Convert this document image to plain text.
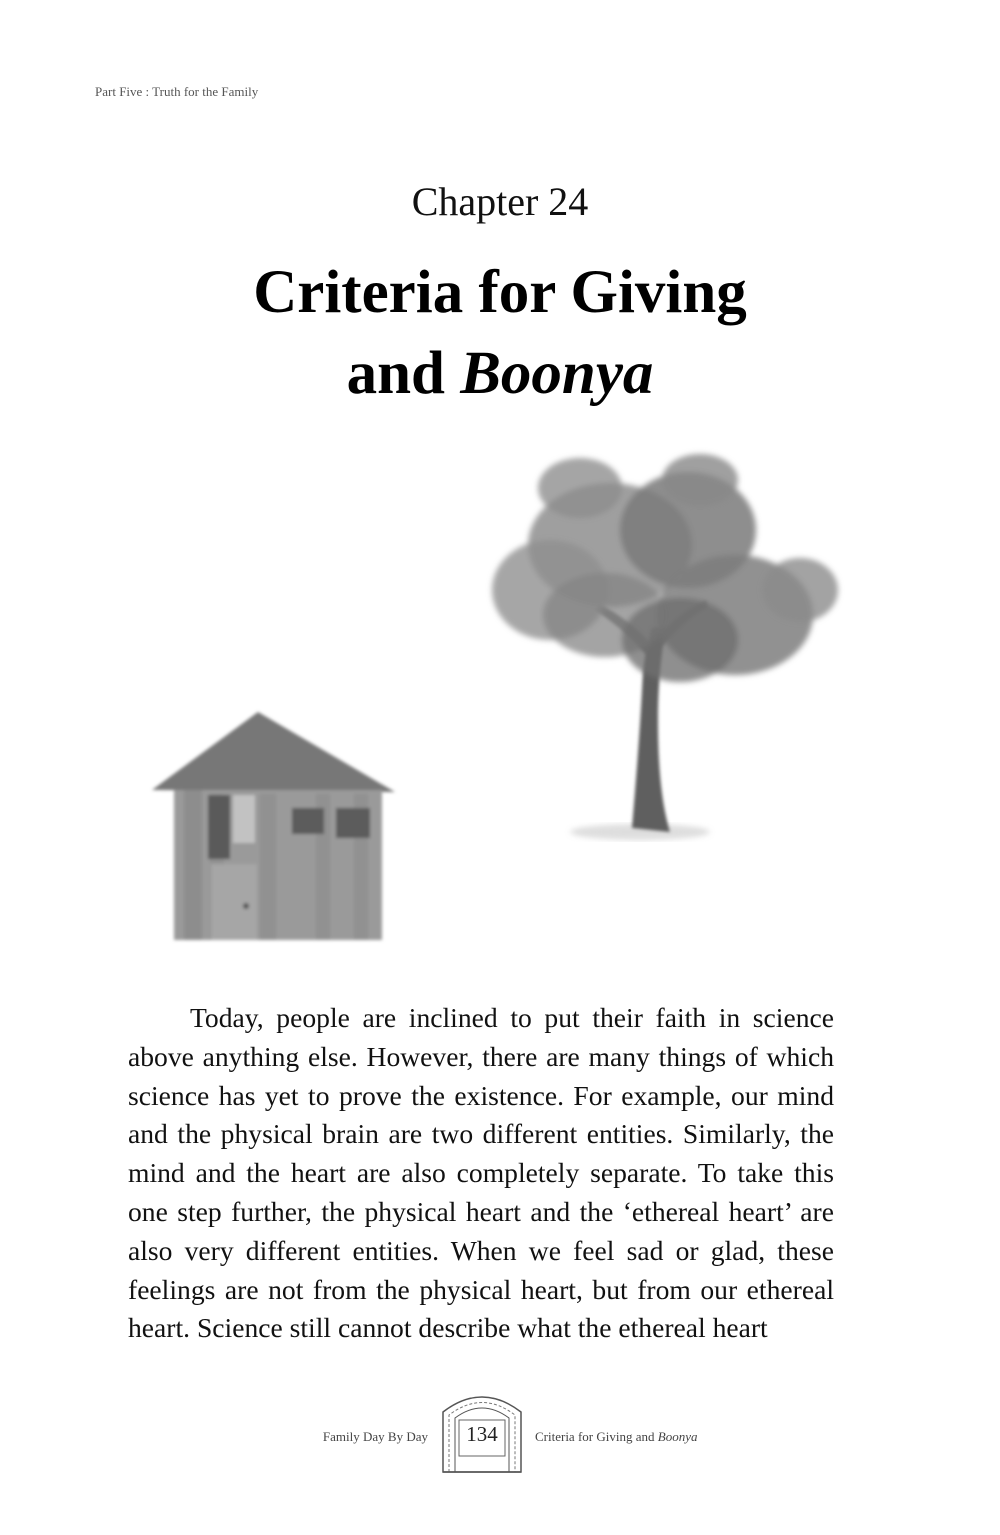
Part Five : Truth for the Family
Chapter 24
Criteria for Giving
and Boonya

Today, people are inclined to put their faith in science above anything else. However, there are many things of which science has yet to prove the existence. For example, our mind and the physical brain are two different entities. Similarly, the mind and the heart are also completely separate. To take this one step further, the physical heart and the ‘ethereal heart’ are also very different entities. When we feel sad or glad, these feelings are not from the physical heart, but from our ethereal heart. Science still cannot describe what the ethereal heart

Family Day By Day	134	Criteria for Giving and Boonya
